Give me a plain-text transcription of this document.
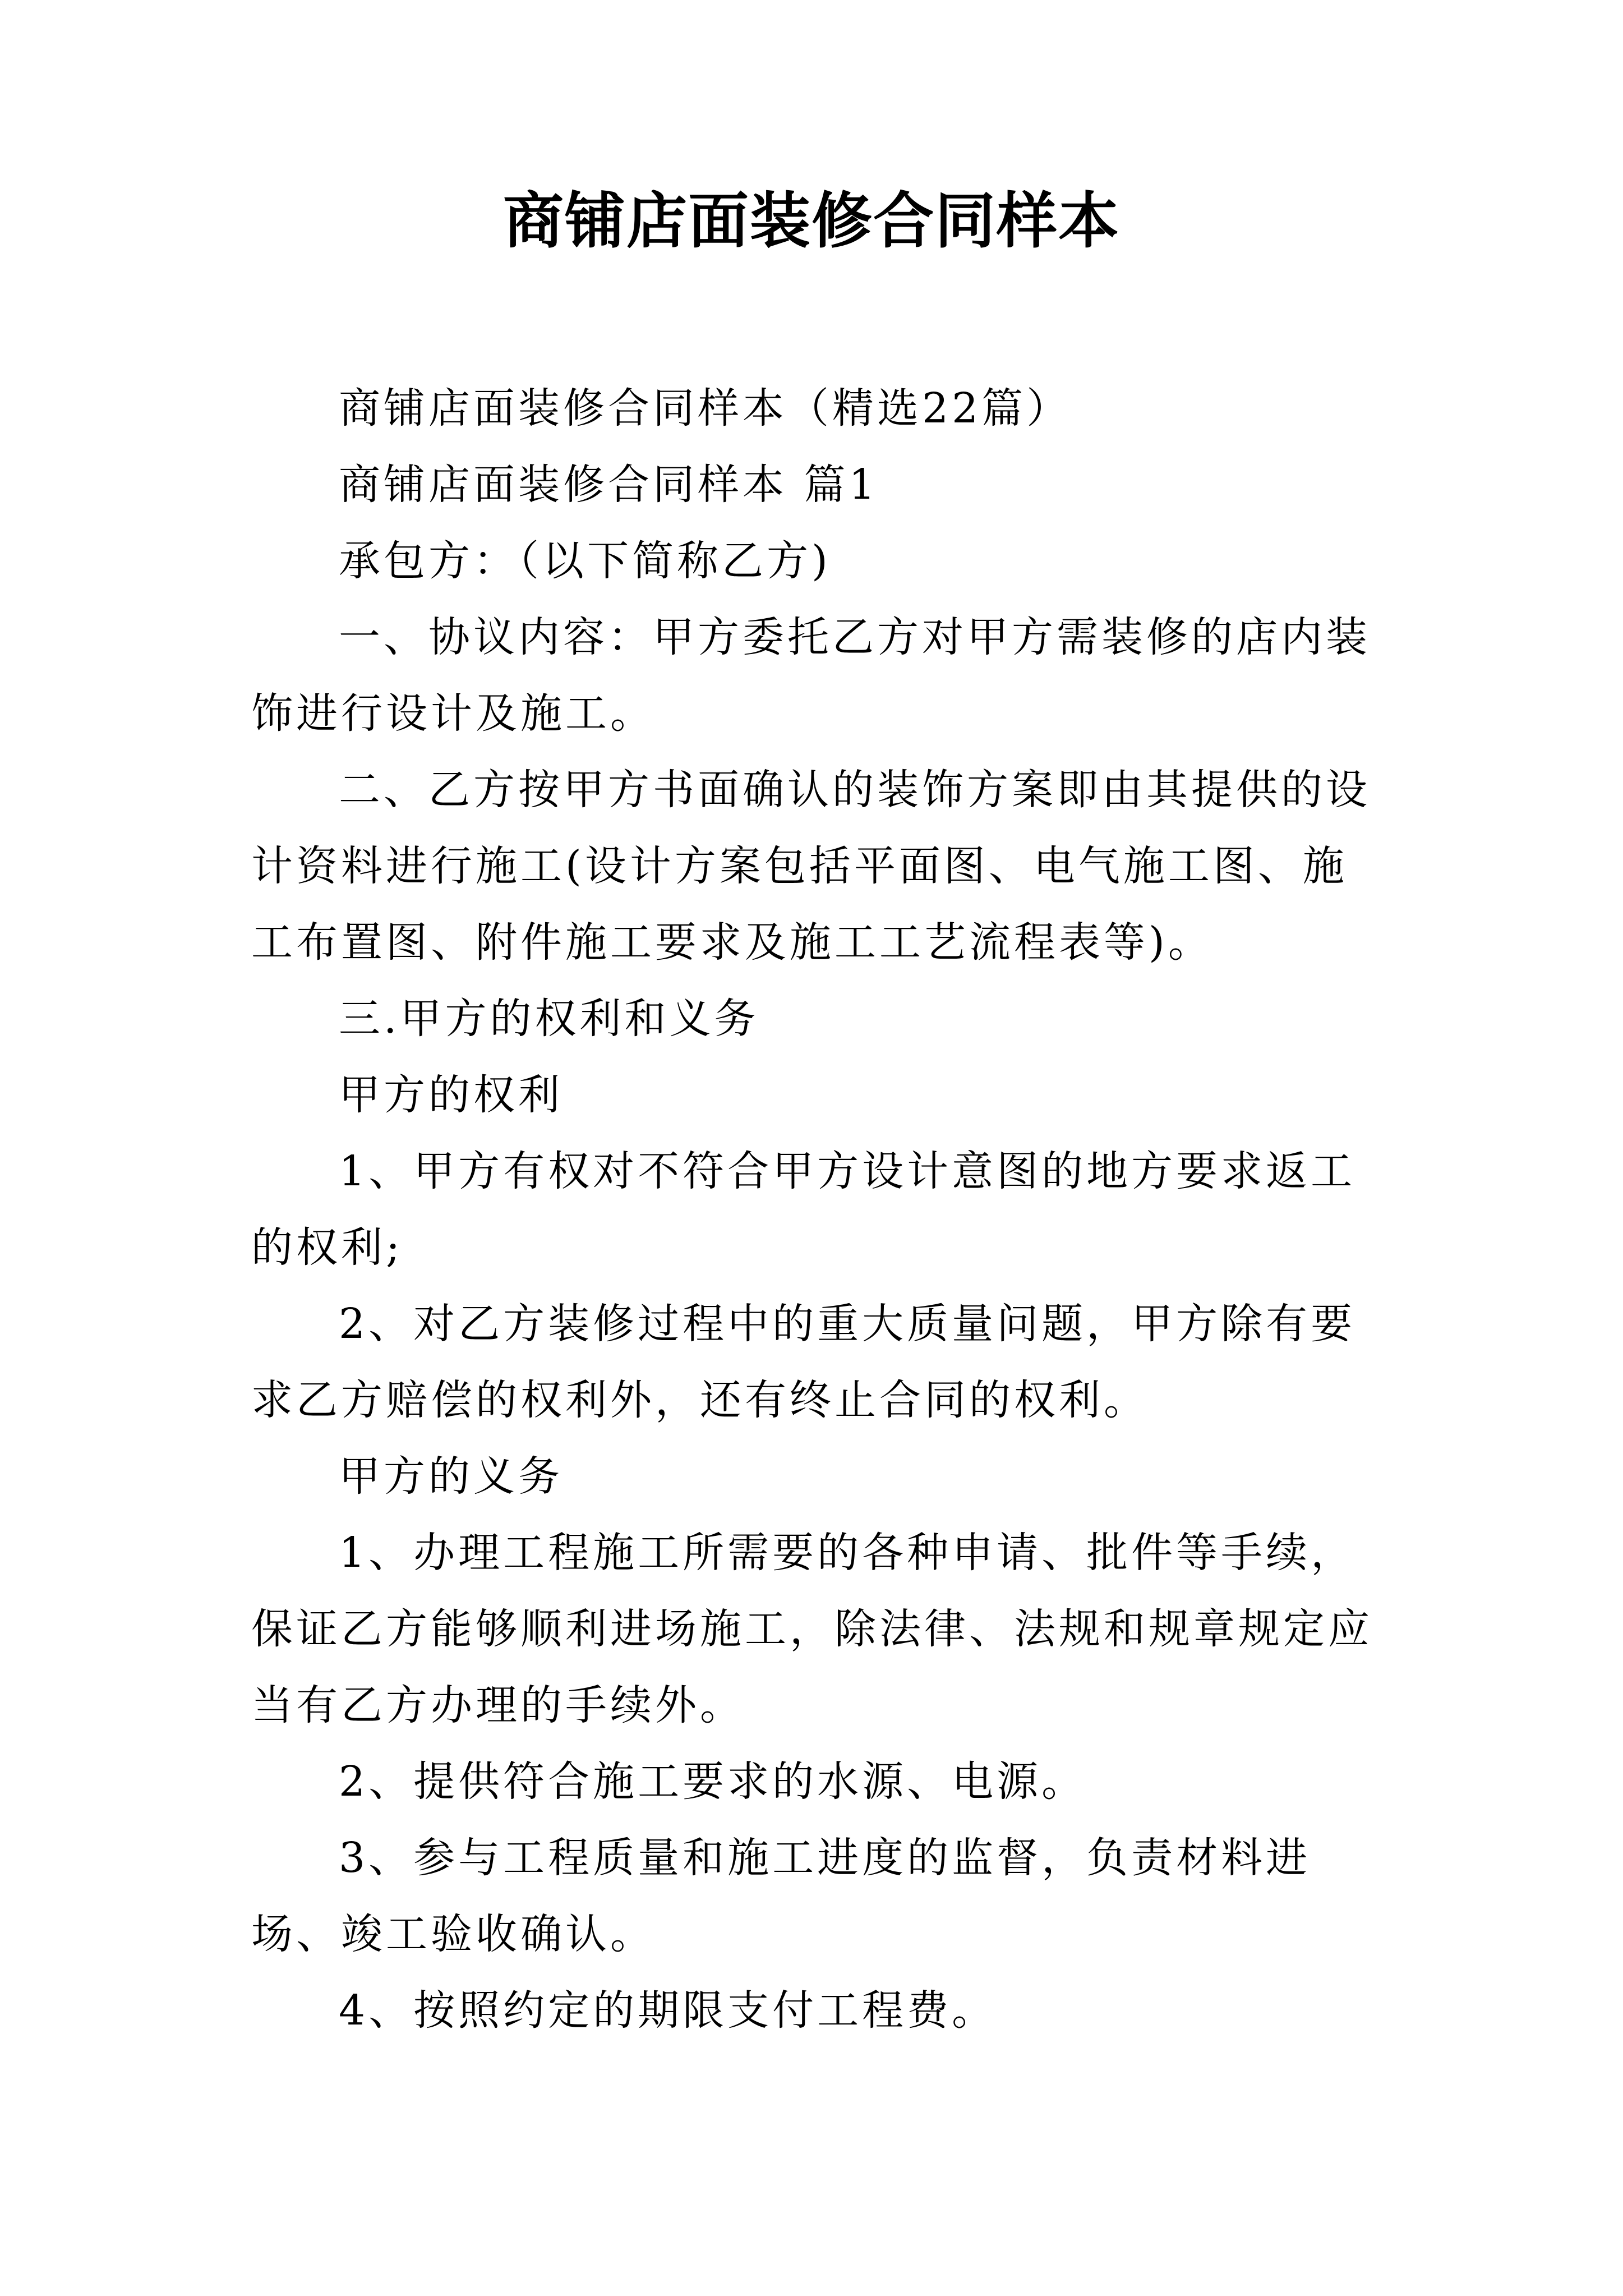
商铺店面装修合同样本

商铺店面装修合同样本（精选22篇）

商铺店面装修合同样本 篇1

承包方：（以下简称乙方)

一、协议内容：甲方委托乙方对甲方需装修的店内装饰进行设计及施工。

二、乙方按甲方书面确认的装饰方案即由其提供的设计资料进行施工(设计方案包括平面图、电气施工图、施工布置图、附件施工要求及施工工艺流程表等)。

三.甲方的权利和义务

甲方的权利

1、甲方有权对不符合甲方设计意图的地方要求返工的权利;

2、对乙方装修过程中的重大质量问题，甲方除有要求乙方赔偿的权利外，还有终止合同的权利。

甲方的义务

1、办理工程施工所需要的各种申请、批件等手续，保证乙方能够顺利进场施工，除法律、法规和规章规定应当有乙方办理的手续外。

2、提供符合施工要求的水源、电源。

3、参与工程质量和施工进度的监督，负责材料进场、竣工验收确认。

4、按照约定的期限支付工程费。
